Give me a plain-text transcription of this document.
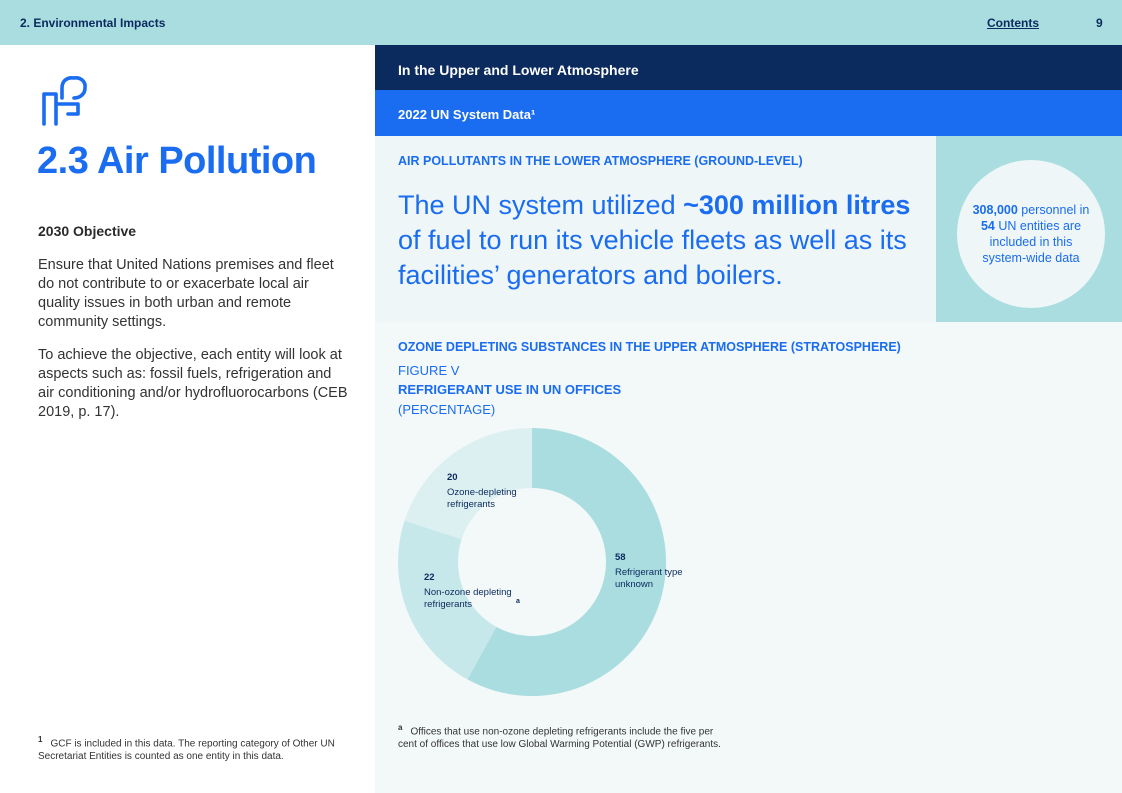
2. Environmental Impacts	Contents	9
2.3 Air Pollution
2030 Objective

Ensure that United Nations premises and fleet do not contribute to or exacerbate local air quality issues in both urban and remote community settings.

To achieve the objective, each entity will look at aspects such as: fossil fuels, refrigeration and air conditioning and/or hydrofluorocarbons (CEB 2019, p. 17).

$^1$ GCF is included in this data. The reporting category of Other UN Secretariat Entities is counted as one entity in this data.
In the Upper and Lower Atmosphere
2022 UN System Data¹
AIR POLLUTANTS IN THE LOWER ATMOSPHERE (GROUND-LEVEL)
The UN system utilized ~300 million litres of fuel to run its vehicle fleets as well as its facilities’ generators and boilers.
308,000 personnel in 54 UN entities are included in this system-wide data
OZONE DEPLETING SUBSTANCES IN THE UPPER ATMOSPHERE (STRATOSPHERE)
FIGURE V
REFRIGERANT USE IN UN OFFICES
(PERCENTAGE)
58
Refrigerant type unknown
22
Non-ozone depleting refrigerants	$^a$
20
Ozone-depleting refrigerants
$^a$ Offices that use non-ozone depleting refrigerants include the five per cent of offices that use low Global Warming Potential (GWP) refrigerants.
